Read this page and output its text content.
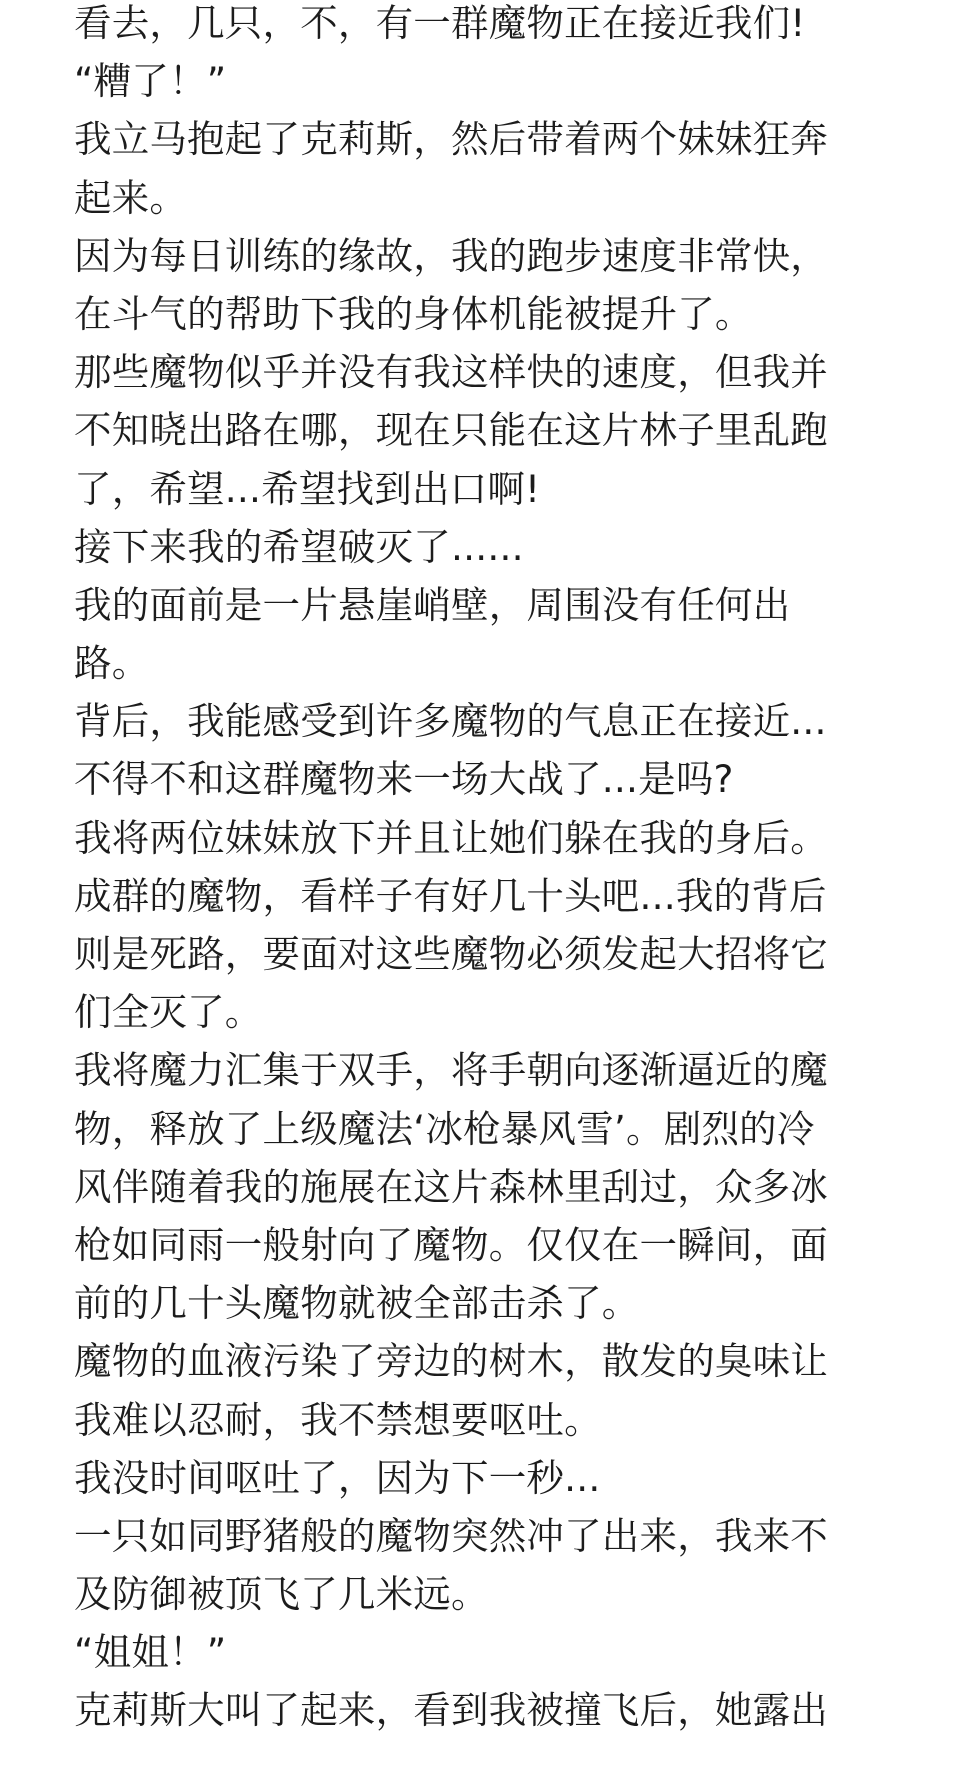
看去，几只，不，有一群魔物正在接近我们!
“糟了！”
我立马抱起了克莉斯，然后带着两个妹妹狂奔
起来。
因为每日训练的缘故，我的跑步速度非常快，
在斗气的帮助下我的身体机能被提升了。
那些魔物似乎并没有我这样快的速度，但我并
不知晓出路在哪，现在只能在这片林子里乱跑
了，希望...希望找到出口啊!
接下来我的希望破灭了......
我的面前是一片悬崖峭壁，周围没有任何出
路。
背后，我能感受到许多魔物的气息正在接近...
不得不和这群魔物来一场大战了...是吗?
我将两位妹妹放下并且让她们躲在我的身后。
成群的魔物，看样子有好几十头吧...我的背后
则是死路，要面对这些魔物必须发起大招将它
们全灭了。
我将魔力汇集于双手，将手朝向逐渐逼近的魔
物，释放了上级魔法‘冰枪暴风雪’。剧烈的冷
风伴随着我的施展在这片森林里刮过，众多冰
枪如同雨一般射向了魔物。仅仅在一瞬间，面
前的几十头魔物就被全部击杀了。
魔物的血液污染了旁边的树木，散发的臭味让
我难以忍耐，我不禁想要呕吐。
我没时间呕吐了，因为下一秒...
一只如同野猪般的魔物突然冲了出来，我来不
及防御被顶飞了几米远。
“姐姐！”
克莉斯大叫了起来，看到我被撞飞后，她露出
